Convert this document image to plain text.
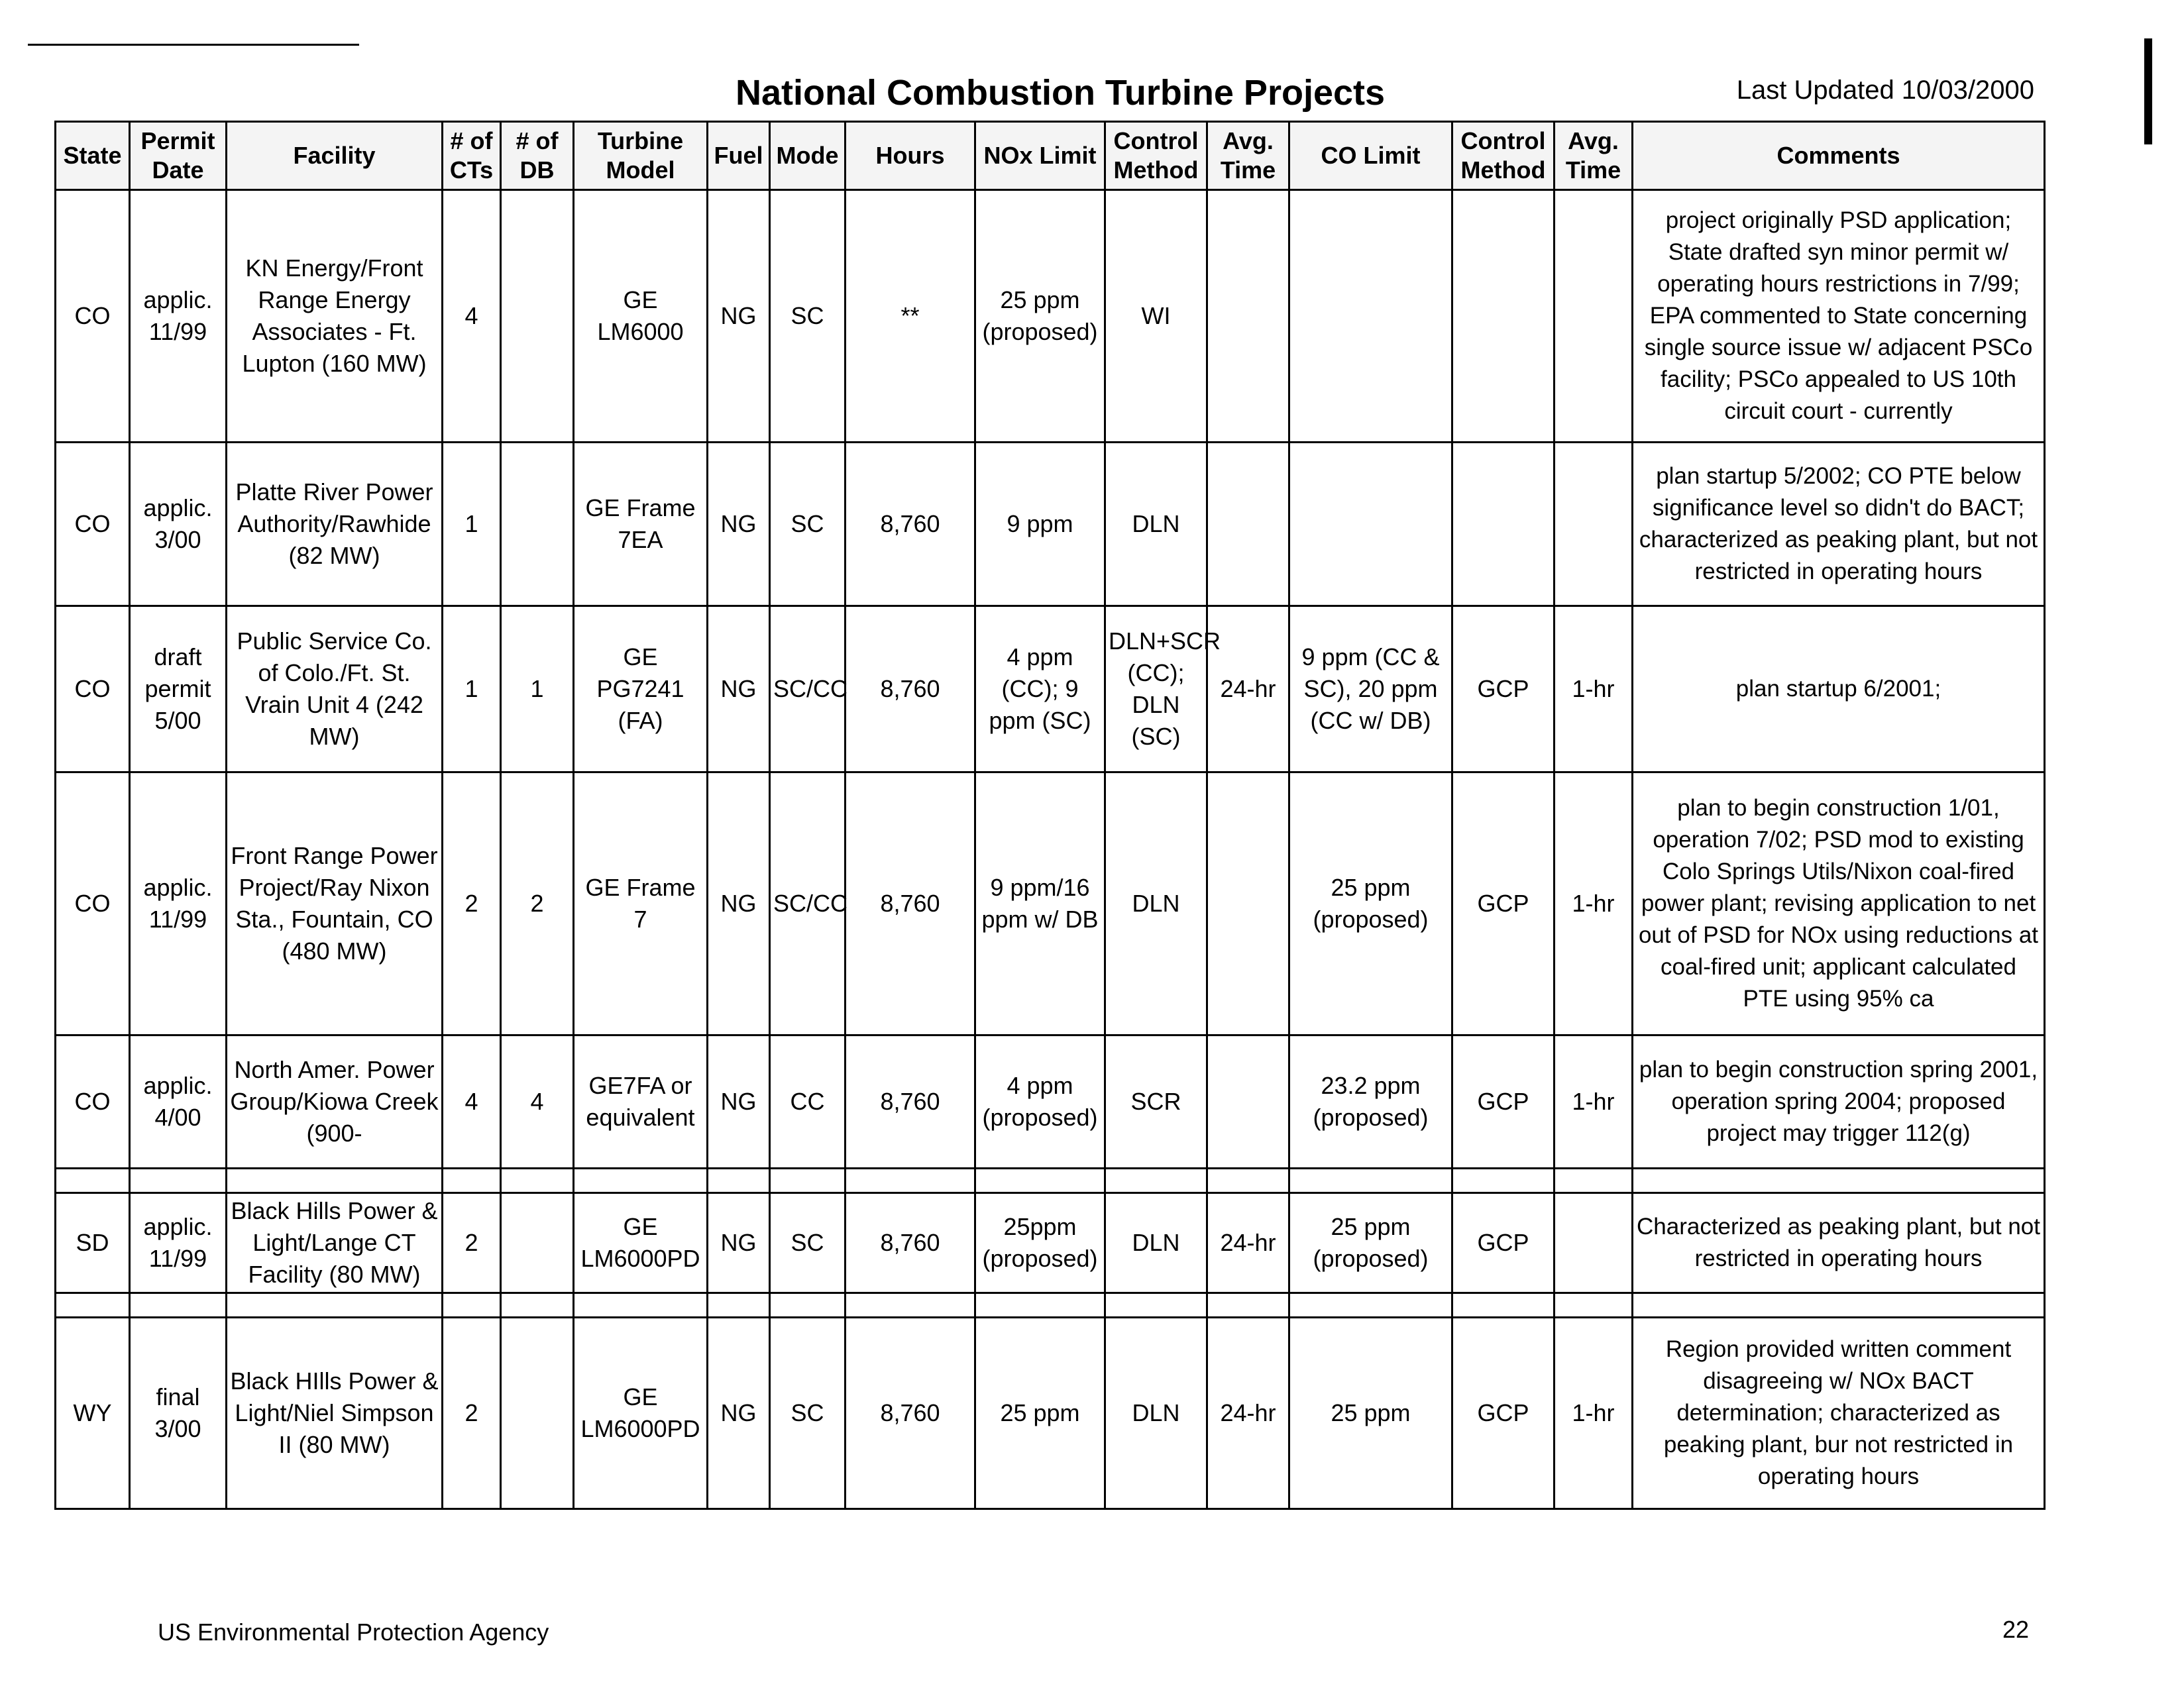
National Combustion Turbine Projects	Last Updated 10/03/2000
State	Permit Date	Facility	# of CTs	# of DB	Turbine Model	Fuel	Mode	Hours	NOx Limit	Control Method	Avg. Time	CO Limit	Control Method	Avg. Time	Comments
CO	applic. 11/99	KN Energy/Front Range Energy Associates - Ft. Lupton (160 MW)	4		GE LM6000	NG	SC	**	25 ppm (proposed)	WI					project originally PSD application; State drafted syn minor permit w/ operating hours restrictions in 7/99; EPA commented to State concerning single source issue w/ adjacent PSCo facility; PSCo appealed to US 10th circuit court - currently
CO	applic. 3/00	Platte River Power Authority/Rawhide (82 MW)	1		GE Frame 7EA	NG	SC	8,760	9 ppm	DLN					plan startup 5/2002; CO PTE below significance level so didn't do BACT; characterized as peaking plant, but not restricted in operating hours
CO	draft permit 5/00	Public Service Co. of Colo./Ft. St. Vrain Unit 4 (242 MW)	1	1	GE PG7241 (FA)	NG	SC/CC	8,760	4 ppm (CC); 9 ppm (SC)	DLN+SCR (CC); DLN (SC)	24-hr	9 ppm (CC & SC), 20 ppm (CC w/ DB)	GCP	1-hr	plan startup 6/2001;
CO	applic. 11/99	Front Range Power Project/Ray Nixon Sta., Fountain, CO (480 MW)	2	2	GE Frame 7	NG	SC/CC	8,760	9 ppm/16 ppm w/ DB	DLN		25 ppm (proposed)	GCP	1-hr	plan to begin construction 1/01, operation 7/02; PSD mod to existing Colo Springs Utils/Nixon coal-fired power plant; revising application to net out of PSD for NOx using reductions at coal-fired unit; applicant calculated PTE using 95% ca
CO	applic. 4/00	North Amer. Power Group/Kiowa Creek (900-	4	4	GE7FA or equivalent	NG	CC	8,760	4 ppm (proposed)	SCR		23.2 ppm (proposed)	GCP	1-hr	plan to begin construction spring 2001, operation spring 2004; proposed project may trigger 112(g)

SD	applic. 11/99	Black Hills Power & Light/Lange CT Facility (80 MW)	2		GE LM6000PD	NG	SC	8,760	25ppm (proposed)	DLN	24-hr	25 ppm (proposed)	GCP		Characterized as peaking plant, but not restricted in operating hours

WY	final 3/00	Black HIlls Power & Light/Niel Simpson II (80 MW)	2		GE LM6000PD	NG	SC	8,760	25 ppm	DLN	24-hr	25 ppm	GCP	1-hr	Region provided written comment disagreeing w/ NOx BACT determination; characterized as peaking plant, bur not restricted in operating hours
US Environmental Protection Agency	22
